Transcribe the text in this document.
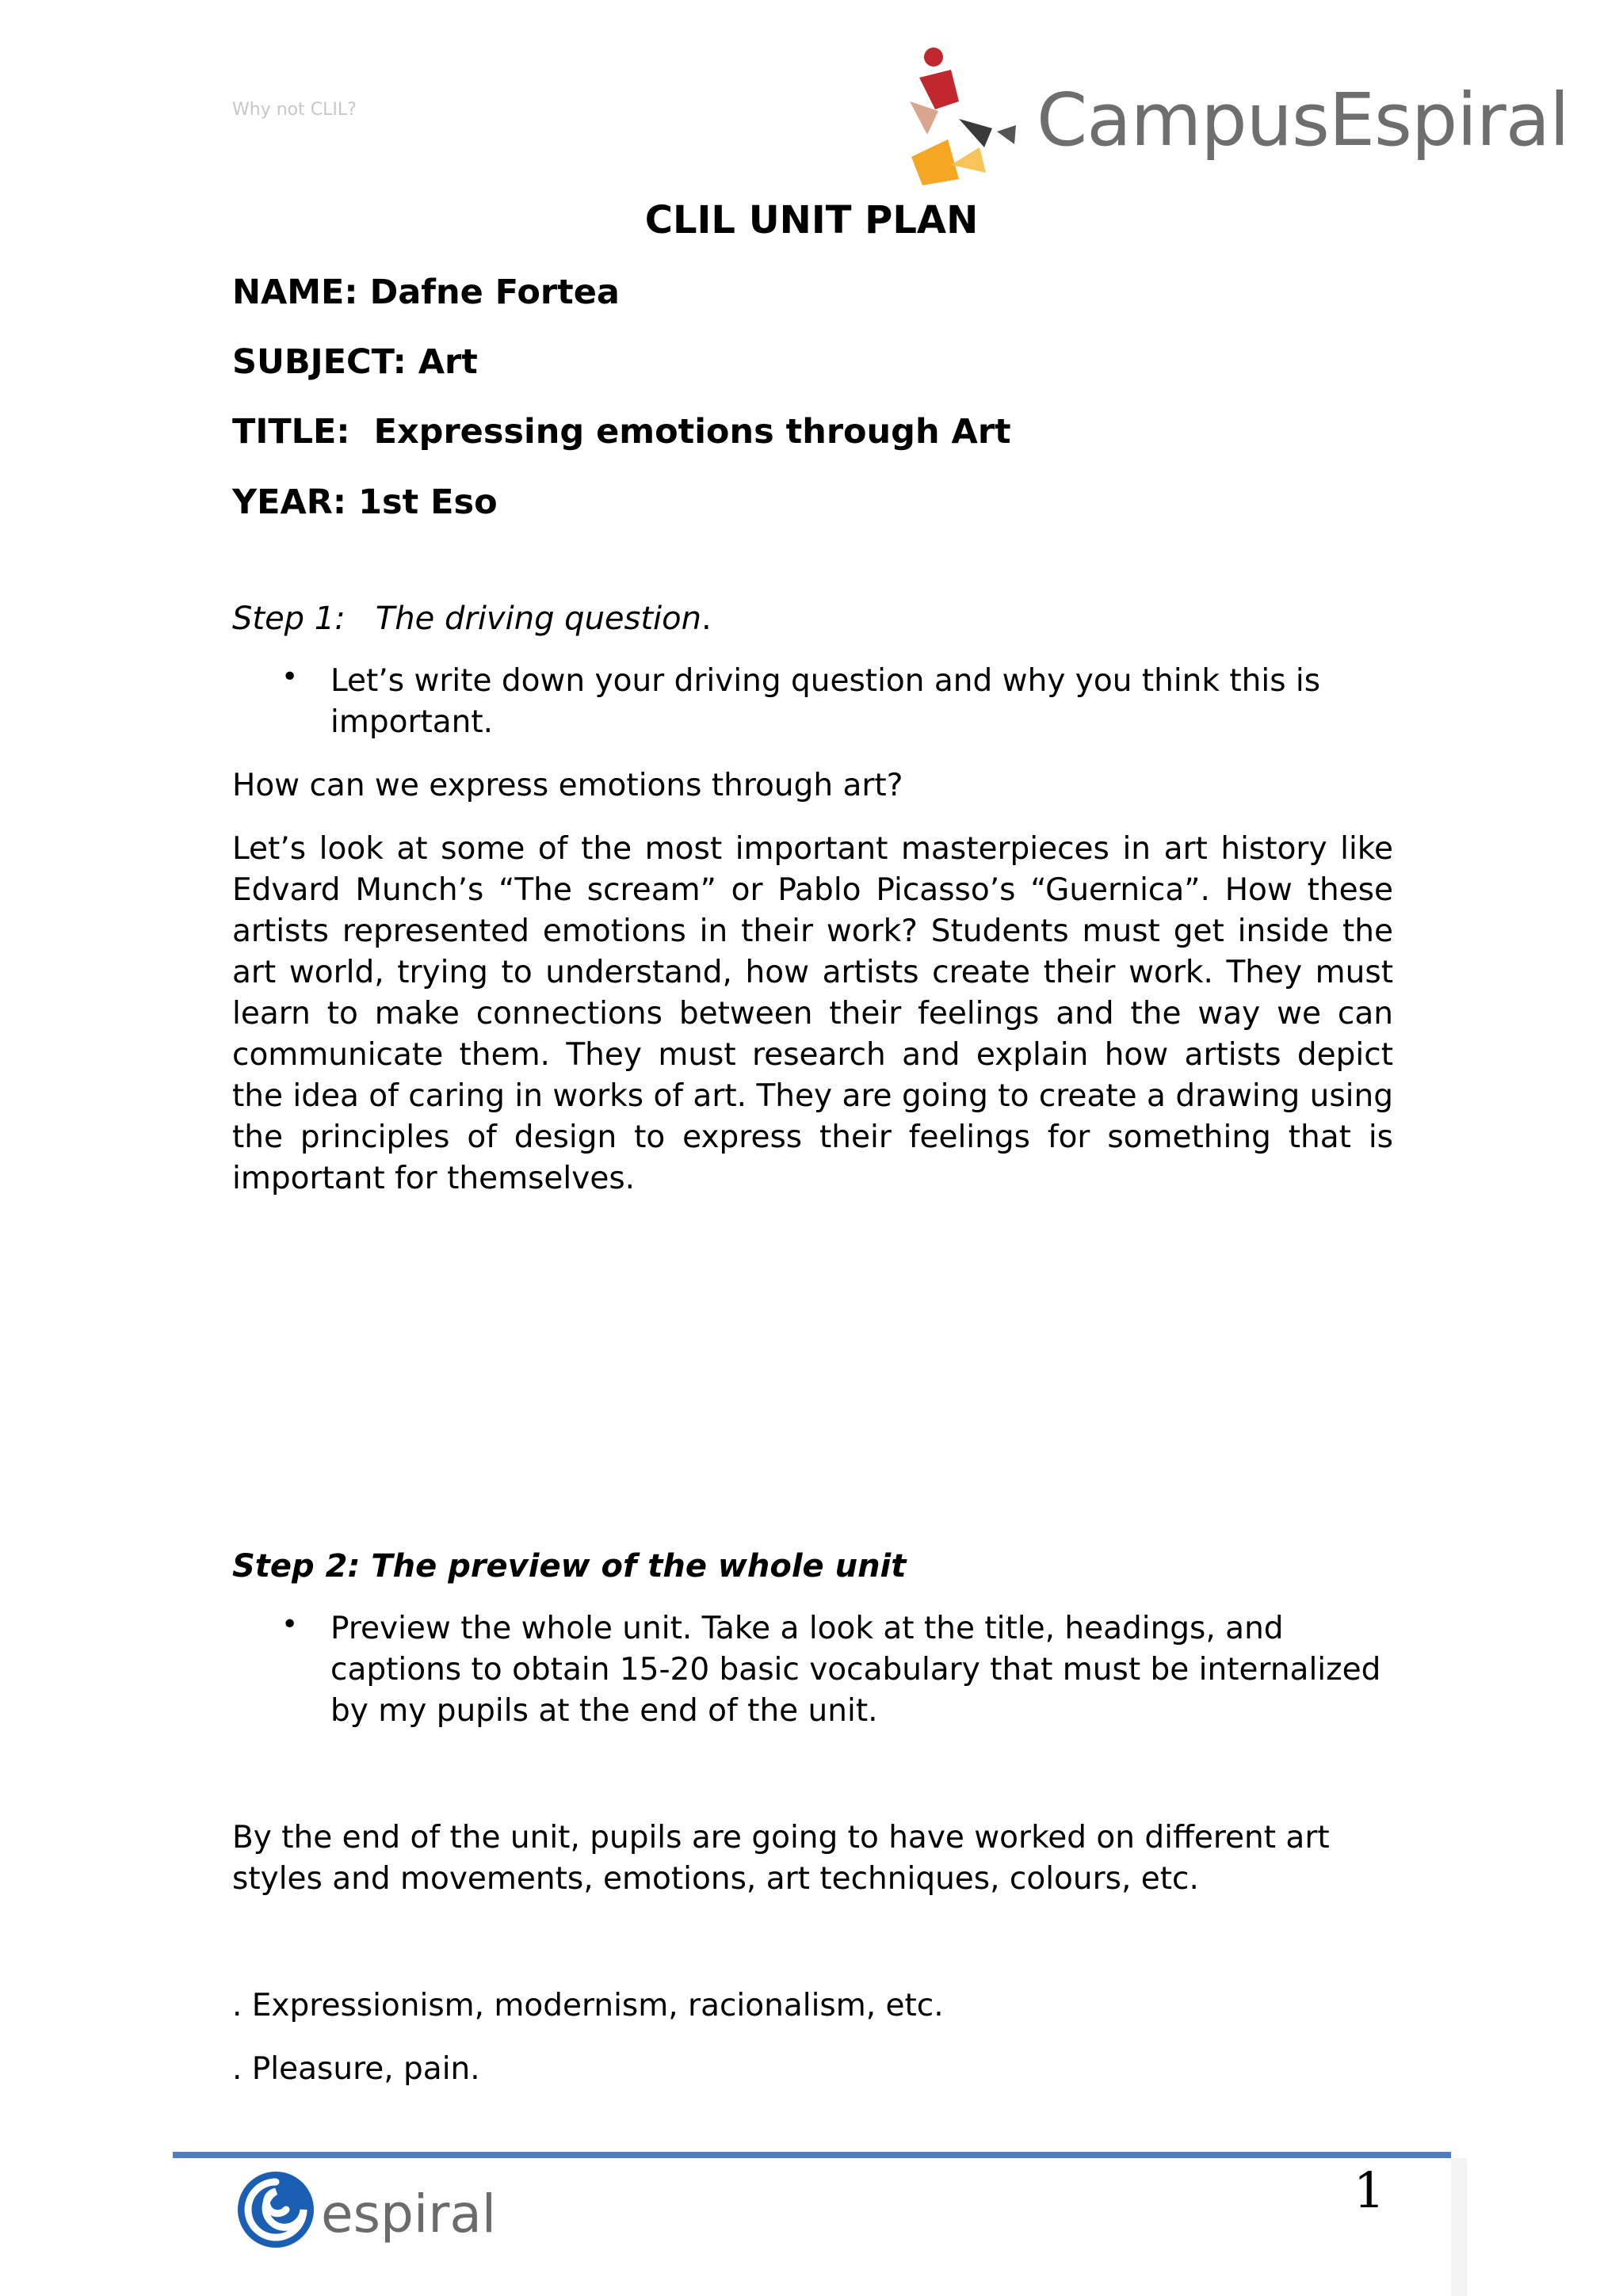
Why not CLIL?	CampusEspiral
CLIL UNIT PLAN
NAME: Dafne Fortea
SUBJECT: Art
TITLE:  Expressing emotions through Art
YEAR: 1st Eso
Step 1: The driving question.
• Let’s write down your driving question and why you think this is important.
How can we express emotions through art?
Let’s look at some of the most important masterpieces in art history like Edvard Munch’s “The scream” or Pablo Picasso’s “Guernica”. How these artists represented emotions in their work? Students must get inside the art world, trying to understand, how artists create their work. They must learn to make connections between their feelings and the way we can communicate them. They must research and explain how artists depict the idea of caring in works of art. They are going to create a drawing using the principles of design to express their feelings for something that is important for themselves.
Step 2: The preview of the whole unit
• Preview the whole unit. Take a look at the title, headings, and captions to obtain 15-20 basic vocabulary that must be internalized by my pupils at the end of the unit.
By the end of the unit, pupils are going to have worked on different art styles and movements, emotions, art techniques, colours, etc.
. Expressionism, modernism, racionalism, etc.
. Pleasure, pain.
espiral	1
